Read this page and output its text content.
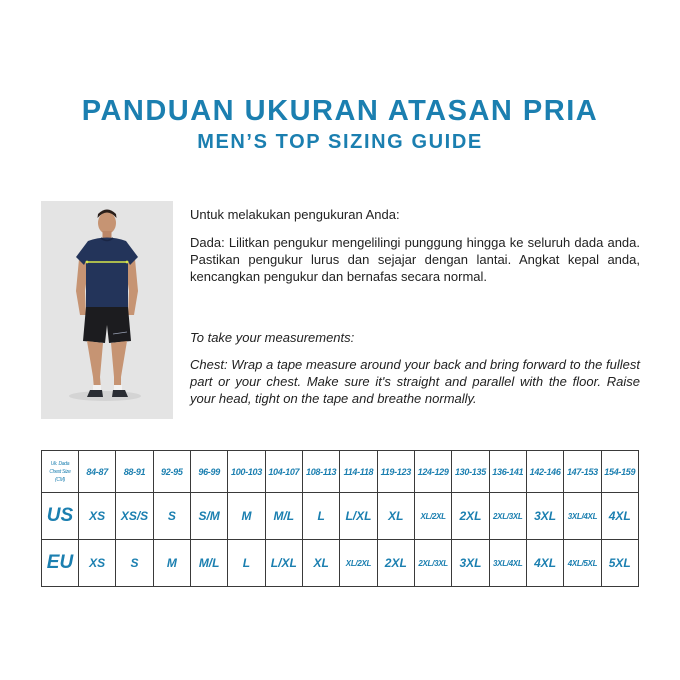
PANDUAN UKURAN ATASAN PRIA
MEN’S TOP SIZING GUIDE

Untuk melakukan pengukuran Anda:

Dada: Lilitkan pengukur mengelilingi punggung hingga ke seluruh dada anda. Pastikan pengukur lurus dan sejajar dengan lantai. Angkat kepal anda, kencangkan pengukur dan bernafas secara normal.

To take your measurements:

Chest: Wrap a tape measure around your back and bring forward to the fullest part or your chest. Make sure it's straight and parallel with the floor. Raise your head, tight on the tape and breathe normally.

Uk. Dada
Chest Size
(CM)	84-87	88-91	92-95	96-99	100-103	104-107	108-113	114-118	119-123	124-129	130-135	136-141	142-146	147-153	154-159
US	XS	XS/S	S	S/M	M	M/L	L	L/XL	XL	XL/2XL	2XL	2XL/3XL	3XL	3XL/4XL	4XL
EU	XS	S	M	M/L	L	L/XL	XL	XL/2XL	2XL	2XL/3XL	3XL	3XL/4XL	4XL	4XL/5XL	5XL
